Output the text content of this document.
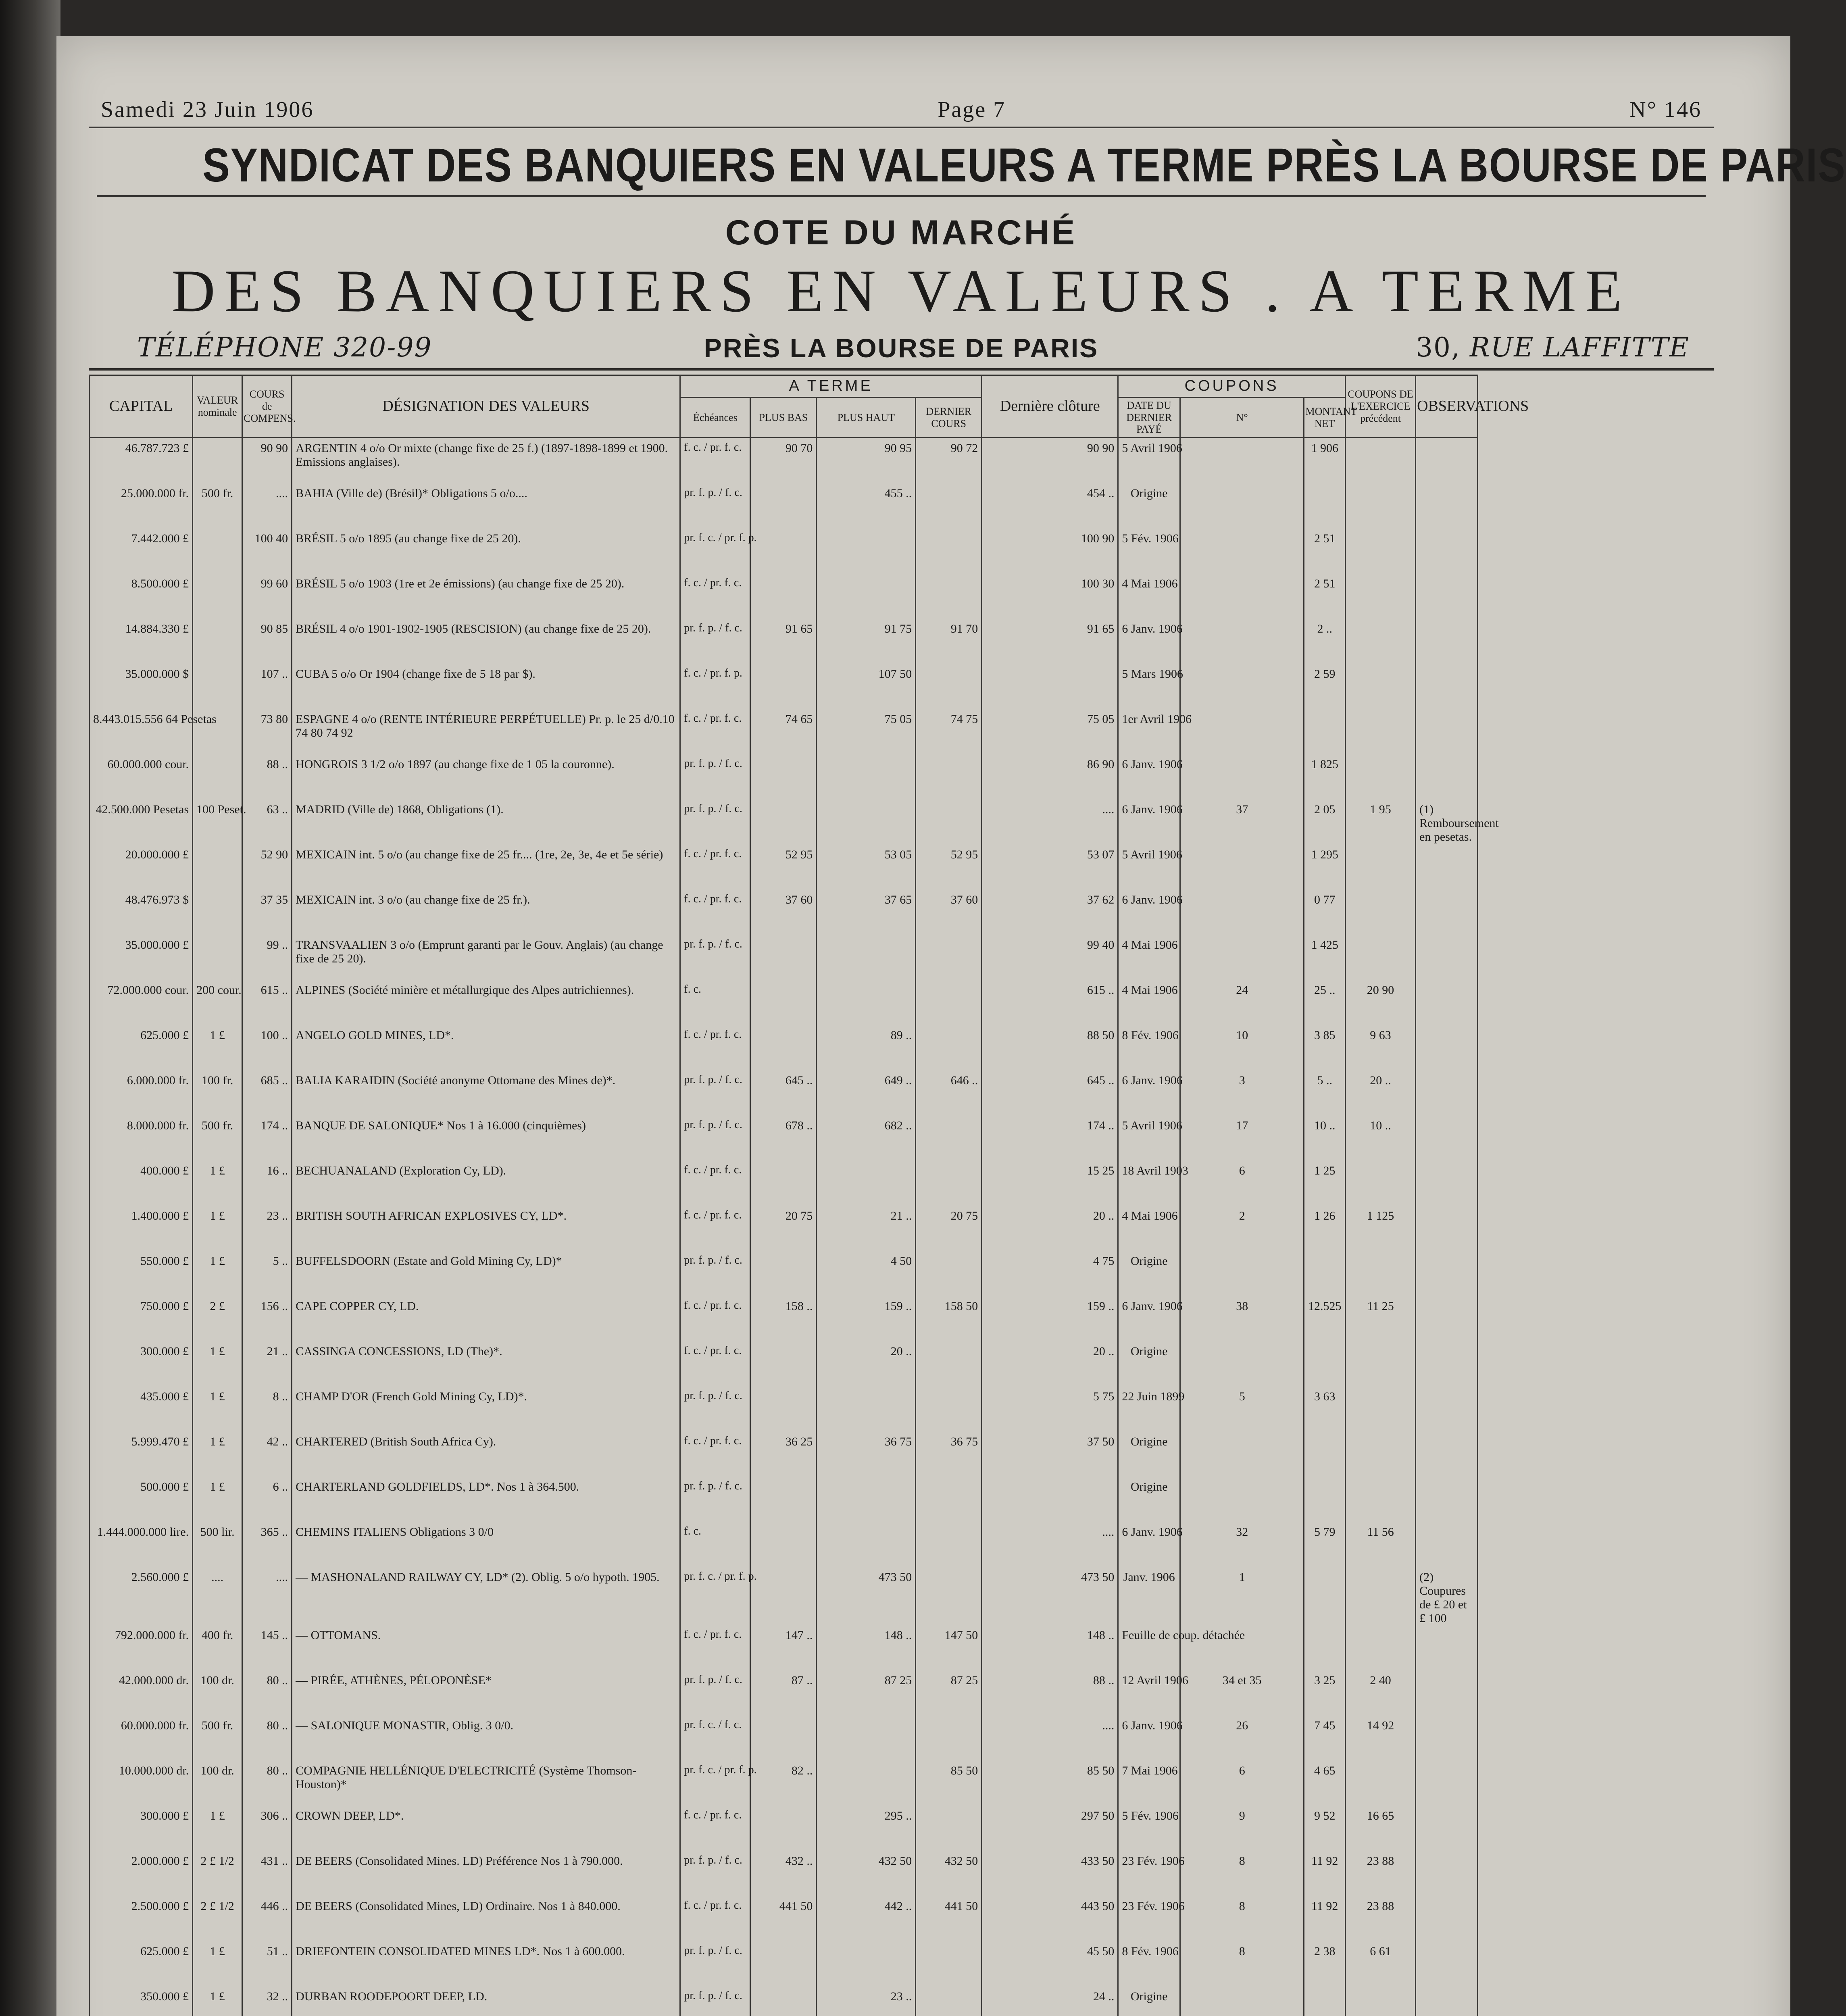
Samedi 23 Juin 1906	Page 7	N° 146
SYNDICAT DES BANQUIERS EN VALEURS A TERME PRÈS LA BOURSE DE PARIS
COTE DU MARCHÉ
DES BANQUIERS EN VALEURS . A TERME
TÉLÉPHONE 320-99	PRÈS LA BOURSE DE PARIS	30, RUE LAFFITTE
CAPITAL	VALEUR nominale	COURS de COMPENS.	DÉSIGNATION DES VALEURS	A TERME				Dernière clôture	COUPONS			COUPONS DE L'EXERCICE précédent	OBSERVATIONS
				Échéances	PLUS BAS	PLUS HAUT	DERNIER COURS		DATE DU DERNIER PAYÉ	N°	MONTANT NET		
46.787.723 £		90 90	ARGENTIN 4 o/o Or mixte (change fixe de 25 f.) (1897-1898-1899 et 1900. Emissions anglaises).	f. c. / pr. f. c.	90 70	90 95	90 72	90 90	5 Avril 1906		1 906		
25.000.000 fr.	500 fr.	....	BAHIA (Ville de) (Brésil)* Obligations 5 o/o....	pr. f. p. / f. c.		455 ..		454 ..	Origine				
7.442.000 £		100 40	BRÉSIL 5 o/o 1895 (au change fixe de 25 20).	pr. f. c. / pr. f. p.				100 90	5 Fév. 1906		2 51		
8.500.000 £		99 60	BRÉSIL 5 o/o 1903 (1re et 2e émissions) (au change fixe de 25 20).	f. c. / pr. f. c.				100 30	4 Mai 1906		2 51		
14.884.330 £		90 85	BRÉSIL 4 o/o 1901-1902-1905 (RESCISION) (au change fixe de 25 20).	pr. f. p. / f. c.	91 65	91 75	91 70	91 65	6 Janv. 1906		2 ..		
35.000.000 $		107 ..	CUBA 5 o/o Or 1904 (change fixe de 5 18 par $).	f. c. / pr. f. p.		107 50			5 Mars 1906		2 59		
8.443.015.556 64 Pesetas		73 80	ESPAGNE 4 o/o (RENTE INTÉRIEURE PERPÉTUELLE) Pr. p. le 25 d/0.10 74 80 74 92	f. c. / pr. f. c.	74 65	75 05	74 75	75 05	1er Avril 1906				
60.000.000 cour.		88 ..	HONGROIS 3 1/2 o/o 1897 (au change fixe de 1 05 la couronne).	pr. f. p. / f. c.				86 90	6 Janv. 1906		1 825		
42.500.000 Pesetas	100 Peset.	63 ..	MADRID (Ville de) 1868, Obligations (1).	pr. f. p. / f. c.				....	6 Janv. 1906	37	2 05	1 95	(1) Remboursement en pesetas.
20.000.000 £		52 90	MEXICAIN int. 5 o/o (au change fixe de 25 fr.... (1re, 2e, 3e, 4e et 5e série)	f. c. / pr. f. c.	52 95	53 05	52 95	53 07	5 Avril 1906		1 295		
48.476.973 $		37 35	MEXICAIN int. 3 o/o (au change fixe de 25 fr.).	f. c. / pr. f. c.	37 60	37 65	37 60	37 62	6 Janv. 1906		0 77		
35.000.000 £		99 ..	TRANSVAALIEN 3 o/o (Emprunt garanti par le Gouv. Anglais) (au change fixe de 25 20).	pr. f. p. / f. c.				99 40	4 Mai 1906		1 425		
72.000.000 cour.	200 cour.	615 ..	ALPINES (Société minière et métallurgique des Alpes autrichiennes).	f. c.				615 ..	4 Mai 1906	24	25 ..	20 90	
625.000 £	1 £	100 ..	ANGELO GOLD MINES, LD*.	f. c. / pr. f. c.		89 ..		88 50	8 Fév. 1906	10	3 85	9 63	
6.000.000 fr.	100 fr.	685 ..	BALIA KARAIDIN (Société anonyme Ottomane des Mines de)*.	pr. f. p. / f. c.	645 ..	649 ..	646 ..	645 ..	6 Janv. 1906	3	5 ..	20 ..	
8.000.000 fr.	500 fr.	174 ..	BANQUE DE SALONIQUE* Nos 1 à 16.000 (cinquièmes)	pr. f. p. / f. c.	678 ..	682 ..		174 ..	5 Avril 1906	17	10 ..	10 ..	
400.000 £	1 £	16 ..	BECHUANALAND (Exploration Cy, LD).	f. c. / pr. f. c.				15 25	18 Avril 1903	6	1 25		
1.400.000 £	1 £	23 ..	BRITISH SOUTH AFRICAN EXPLOSIVES CY, LD*.	f. c. / pr. f. c.	20 75	21 ..	20 75	20 ..	4 Mai 1906	2	1 26	1 125	
550.000 £	1 £	5 ..	BUFFELSDOORN (Estate and Gold Mining Cy, LD)*	pr. f. p. / f. c.		4 50		4 75	Origine				
750.000 £	2 £	156 ..	CAPE COPPER CY, LD.	f. c. / pr. f. c.	158 ..	159 ..	158 50	159 ..	6 Janv. 1906	38	12.525	11 25	
300.000 £	1 £	21 ..	CASSINGA CONCESSIONS, LD (The)*.	f. c. / pr. f. c.		20 ..		20 ..	Origine				
435.000 £	1 £	8 ..	CHAMP D'OR (French Gold Mining Cy, LD)*.	pr. f. p. / f. c.				5 75	22 Juin 1899	5	3 63		
5.999.470 £	1 £	42 ..	CHARTERED (British South Africa Cy).	f. c. / pr. f. c.	36 25	36 75	36 75	37 50	Origine				
500.000 £	1 £	6 ..	CHARTERLAND GOLDFIELDS, LD*. Nos 1 à 364.500.	pr. f. p. / f. c.					Origine				
1.444.000.000 lire.	500 lir.	365 ..	CHEMINS ITALIENS Obligations 3 0/0	f. c.				....	6 Janv. 1906	32	5 79	11 56	
2.560.000 £	....	....	— MASHONALAND RAILWAY CY, LD* (2). Oblig. 5 o/o hypoth. 1905.	pr. f. c. / pr. f. p.		473 50		473 50	Janv. 1906	1			(2) Coupures de £ 20 et £ 100
792.000.000 fr.	400 fr.	145 ..	— OTTOMANS.	f. c. / pr. f. c.	147 ..	148 ..	147 50	148 ..	Feuille de coup. détachée				
42.000.000 dr.	100 dr.	80 ..	— PIRÉE, ATHÈNES, PÉLOPONÈSE*	pr. f. p. / f. c.	87 ..	87 25	87 25	88 ..	12 Avril 1906	34 et 35	3 25	2 40	
60.000.000 fr.	500 fr.	80 ..	— SALONIQUE MONASTIR, Oblig. 3 0/0.	pr. f. c. / f. c.				....	6 Janv. 1906	26	7 45	14 92	
10.000.000 dr.	100 dr.	80 ..	COMPAGNIE HELLÉNIQUE D'ELECTRICITÉ (Système Thomson-Houston)*	pr. f. c. / pr. f. p.	82 ..		85 50	85 50	7 Mai 1906	6	4 65		
300.000 £	1 £	306 ..	CROWN DEEP, LD*.	f. c. / pr. f. c.		295 ..		297 50	5 Fév. 1906	9	9 52	16 65	
2.000.000 £	2 £ 1/2	431 ..	DE BEERS (Consolidated Mines. LD) Préférence Nos 1 à 790.000.	pr. f. p. / f. c.	432 ..	432 50	432 50	433 50	23 Fév. 1906	8	11 92	23 88	
2.500.000 £	2 £ 1/2	446 ..	DE BEERS (Consolidated Mines, LD) Ordinaire. Nos 1 à 840.000.	f. c. / pr. f. c.	441 50	442 ..	441 50	443 50	23 Fév. 1906	8	11 92	23 88	
625.000 £	1 £	51 ..	DRIEFONTEIN CONSOLIDATED MINES LD*. Nos 1 à 600.000.	pr. f. p. / f. c.				45 50	8 Fév. 1906	8	2 38	6 61	
350.000 £	1 £	32 ..	DURBAN ROODEPOORT DEEP, LD.	pr. f. p. / f. c.		23 ..		24 ..	Origine				
